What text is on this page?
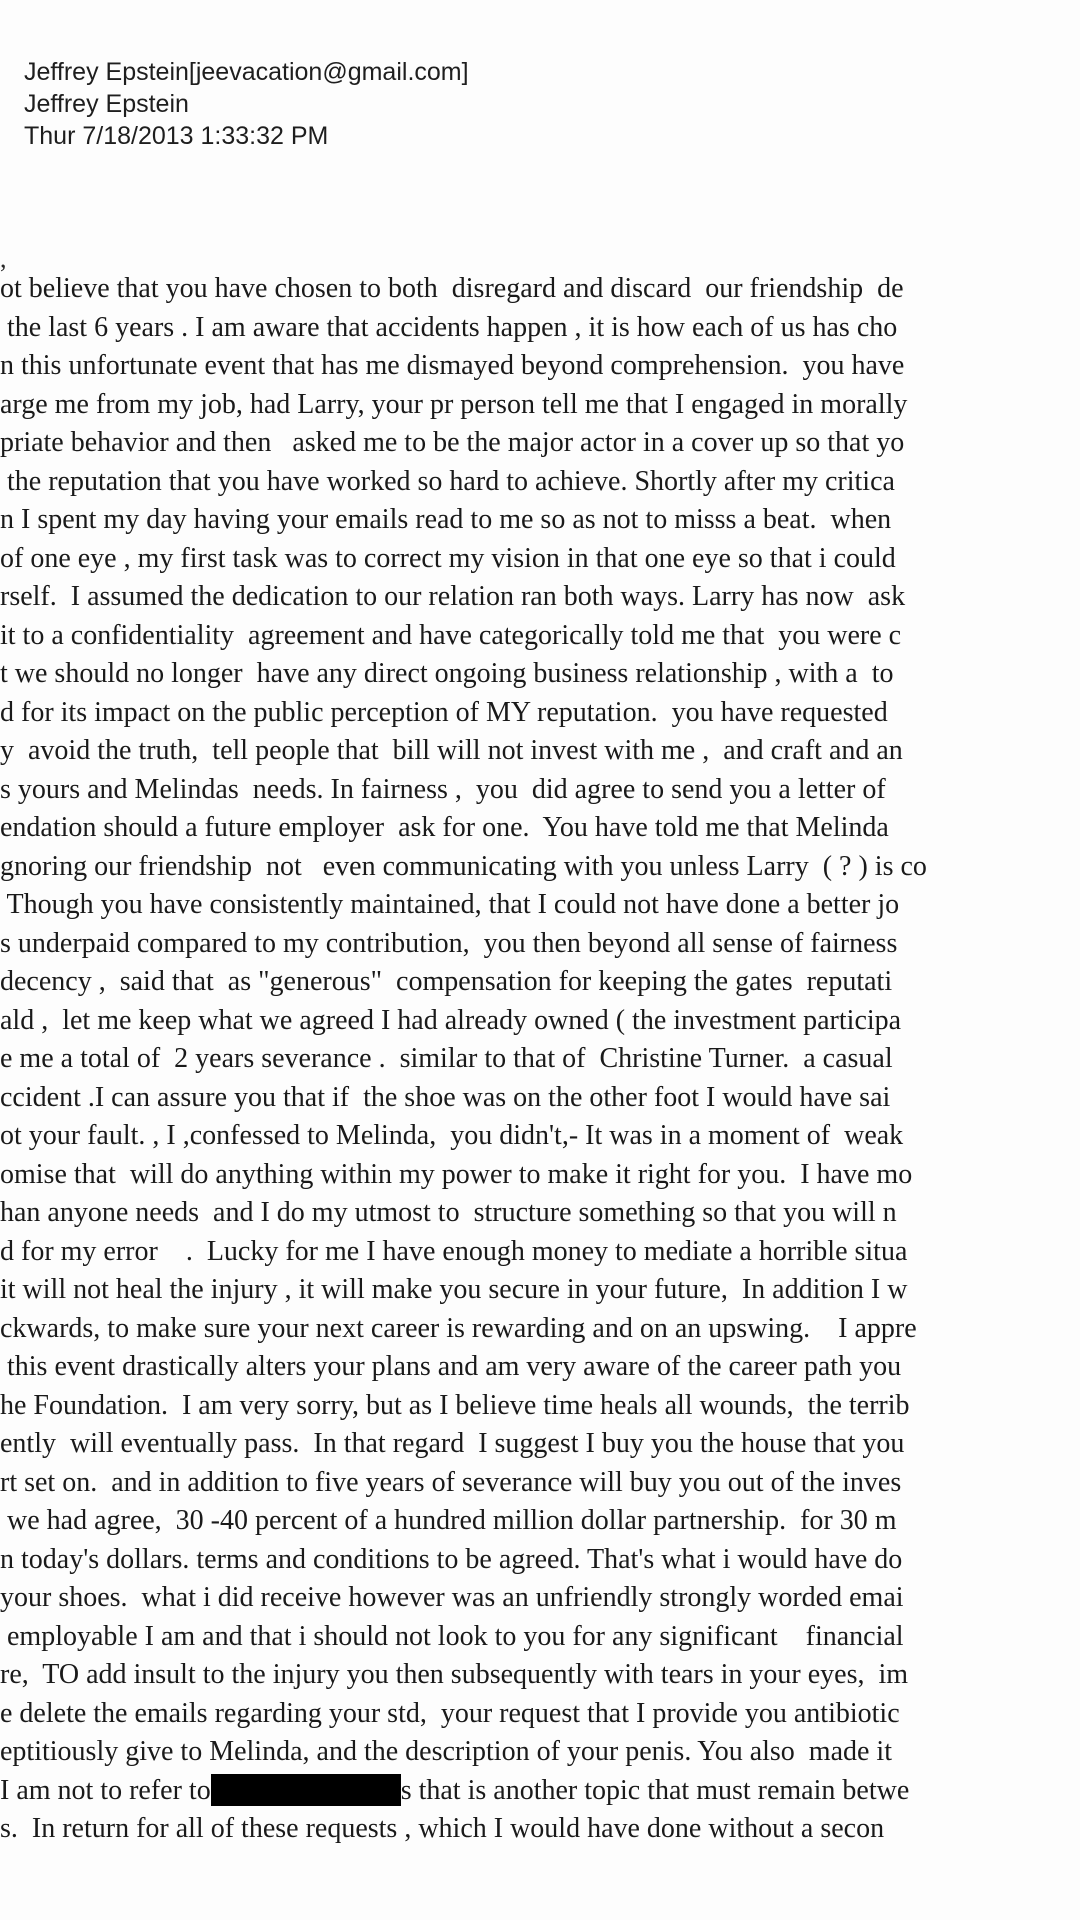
Jeffrey Epstein[jeevacation@gmail.com]
Jeffrey Epstein
Thur 7/18/2013 1:33:32 PM
,
ot believe that you have chosen to both  disregard and discard  our friendship  de
the last 6 years . I am aware that accidents happen , it is how each of us has cho
n this unfortunate event that has me dismayed beyond comprehension.  you have
arge me from my job, had Larry, your pr person tell me that I engaged in morally
priate behavior and then   asked me to be the major actor in a cover up so that yo
the reputation that you have worked so hard to achieve. Shortly after my critica
n I spent my day having your emails read to me so as not to misss a beat.  when
of one eye , my first task was to correct my vision in that one eye so that i could
rself.  I assumed the dedication to our relation ran both ways. Larry has now  ask
it to a confidentiality  agreement and have categorically told me that  you were c
t we should no longer  have any direct ongoing business relationship , with a  to
d for its impact on the public perception of MY reputation.  you have requested
y  avoid the truth,  tell people that  bill will not invest with me ,  and craft and an
s yours and Melindas  needs. In fairness ,  you  did agree to send you a letter of
endation should a future employer  ask for one.  You have told me that Melinda
gnoring our friendship  not   even communicating with you unless Larry  ( ? ) is co
Though you have consistently maintained, that I could not have done a better jo
s underpaid compared to my contribution,  you then beyond all sense of fairness
decency ,  said that  as "generous"  compensation for keeping the gates  reputati
ald ,  let me keep what we agreed I had already owned ( the investment participa
e me a total of  2 years severance .  similar to that of  Christine Turner.  a casual
ccident .I can assure you that if  the shoe was on the other foot I would have sai
ot your fault. , I ,confessed to Melinda,  you didn't,- It was in a moment of  weak
omise that  will do anything within my power to make it right for you.  I have mo
han anyone needs  and I do my utmost to  structure something so that you will n
d for my error    .  Lucky for me I have enough money to mediate a horrible situa
it will not heal the injury , it will make you secure in your future,  In addition I w
ckwards, to make sure your next career is rewarding and on an upswing.    I appre
this event drastically alters your plans and am very aware of the career path you
he Foundation.  I am very sorry, but as I believe time heals all wounds,  the terrib
ently  will eventually pass.  In that regard  I suggest I buy you the house that you
rt set on.  and in addition to five years of severance will buy you out of the inves
we had agree,  30 -40 percent of a hundred million dollar partnership.  for 30 m
n today's dollars. terms and conditions to be agreed. That's what i would have do
your shoes.  what i did receive however was an unfriendly strongly worded emai
employable I am and that i should not look to you for any significant    financial
re,  TO add insult to the injury you then subsequently with tears in your eyes,  im
e delete the emails regarding your std,  your request that I provide you antibiotic
eptitiously give to Melinda, and the description of your penis. You also  made it
I am not to refer to	s that is another topic that must remain betwe
s.  In return for all of these requests , which I would have done without a secon
